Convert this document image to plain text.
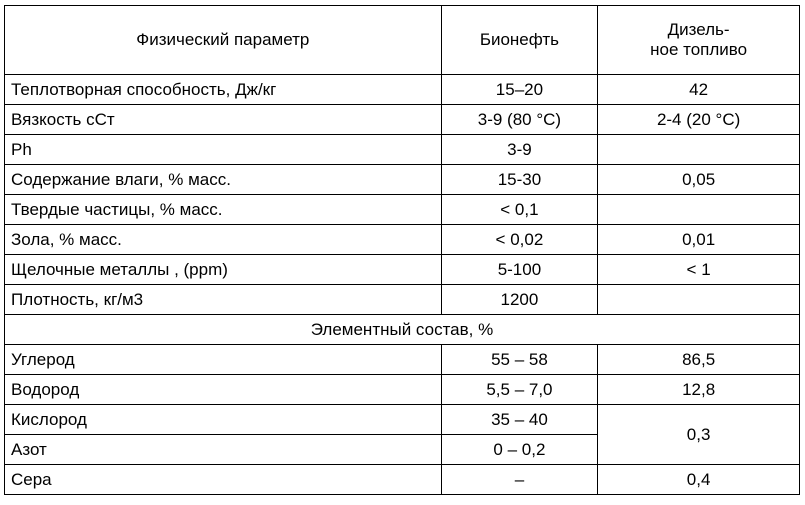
Физический параметр	Бионефть	Дизель-
ное топливо
Теплотворная способность, Дж/кг	15–20	42
Вязкость сСт	3-9 (80 °С)	2-4 (20 °С)
Ph	3-9	
Содержание влаги, % масс.	15-30	0,05
Твердые частицы, % масс.	< 0,1	
Зола, % масс.	< 0,02	0,01
Щелочные металлы , (ppm)	5-100	< 1
Плотность, кг/м3	1200	
Элементный состав, %		
Углерод	55 – 58	86,5
Водород	5,5 – 7,0	12,8
Кислород	35 – 40	0,3
Азот	0 – 0,2	
Сера	–	0,4
